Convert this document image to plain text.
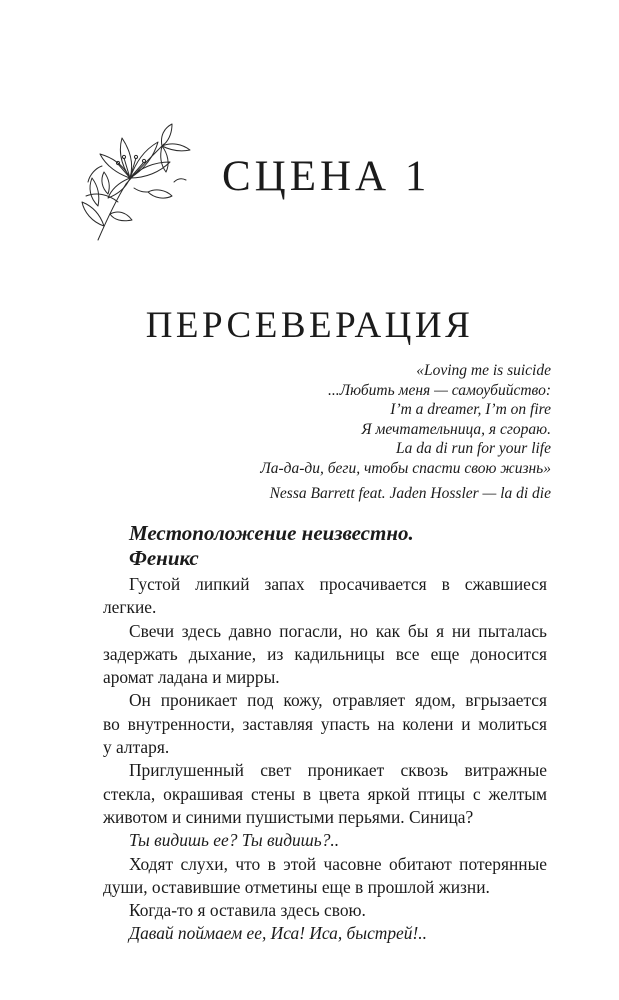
СЦЕНА 1
ПЕРСЕВЕРАЦИЯ
«Loving me is suicide
...Любить меня — самоубийство:
I’m a dreamer, I’m on fire
Я мечтательница, я сгораю.
La da di run for your life
Ла-да-ди, беги, чтобы спасти свою жизнь»
Nessa Barrett feat. Jaden Hossler — la di die
Местоположение неизвестно.
Феникс
Густой липкий запах просачивается в сжавшиеся легкие.
Свечи здесь давно погасли, но как бы я ни пыталась
задержать дыхание, из кадильницы все еще доносится
аромат ладана и мирры.
Он проникает под кожу, отравляет ядом, вгрызается
во внутренности, заставляя упасть на колени и молиться
у алтаря.
Приглушенный свет проникает сквозь витражные
стекла, окрашивая стены в цвета яркой птицы с желтым
животом и синими пушистыми перьями. Синица?
Ты видишь ее? Ты видишь?..
Ходят слухи, что в этой часовне обитают потерянные
души, оставившие отметины еще в прошлой жизни.
Когда-то я оставила здесь свою.
Давай поймаем ее, Иса! Иса, быстрей!..
